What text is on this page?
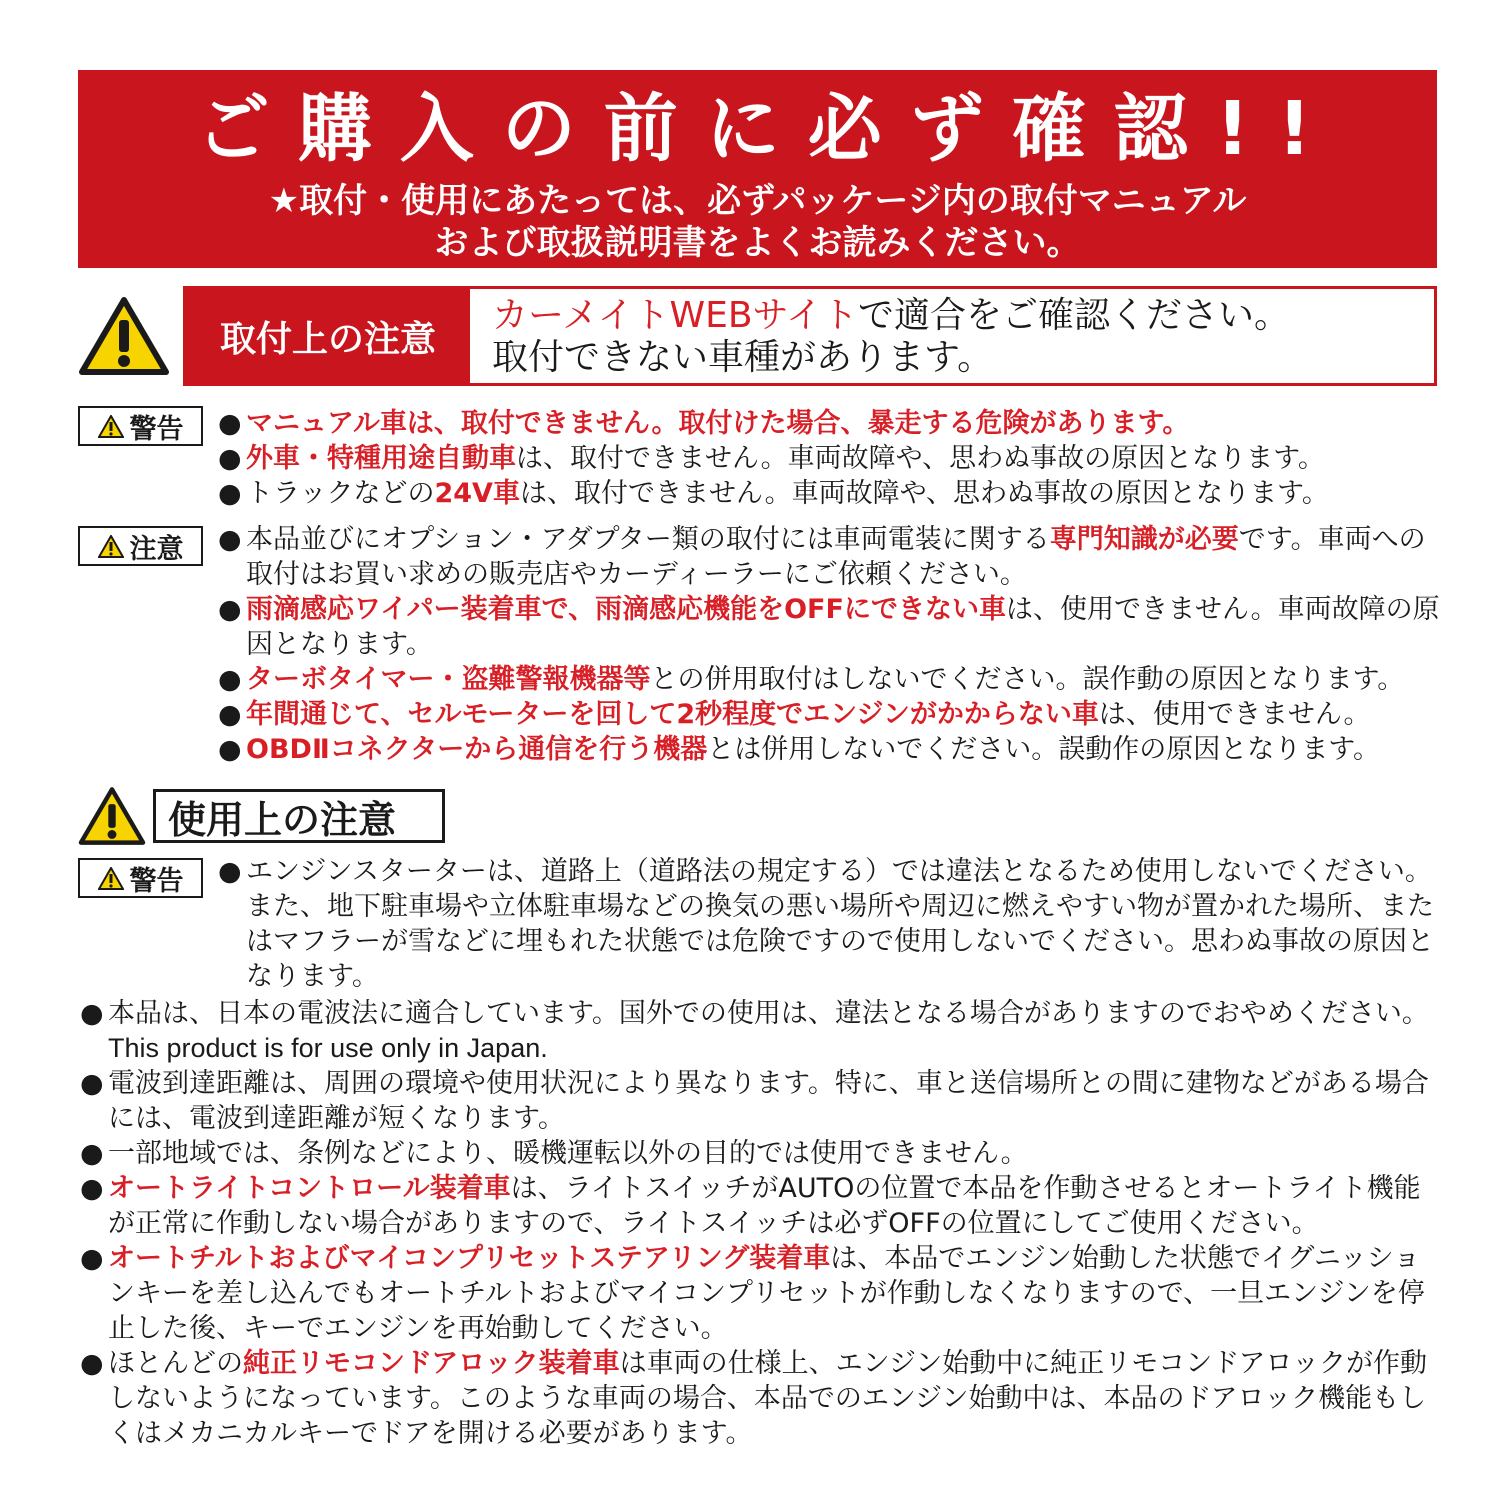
ご購入の前に必ず確認!!
★取付・使用にあたっては、必ずパッケージ内の取付マニュアル
および取扱説明書をよくお読みください。
取付上の注意
カーメイトWEBサイトで適合をご確認ください。
取付できない車種があります。
警告	● マニュアル車は、取付できません。取付けた場合、暴走する危険があります。
● 外車・特種用途自動車は、取付できません。車両故障や、思わぬ事故の原因となります。
● トラックなどの24V車は、取付できません。車両故障や、思わぬ事故の原因となります。
注意	● 本品並びにオプション・アダプター類の取付には車両電装に関する専門知識が必要です。車両への取付はお買い求めの販売店やカーディーラーにご依頼ください。
● 雨滴感応ワイパー装着車で、雨滴感応機能をOFFにできない車は、使用できません。車両故障の原因となります。
● ターボタイマー・盗難警報機器等との併用取付はしないでください。誤作動の原因となります。
● 年間通じて、セルモーターを回して2秒程度でエンジンがかからない車は、使用できません。
● OBDⅡコネクターから通信を行う機器とは併用しないでください。誤動作の原因となります。
使用上の注意
警告	● エンジンスターターは、道路上（道路法の規定する）では違法となるため使用しないでください。また、地下駐車場や立体駐車場などの換気の悪い場所や周辺に燃えやすい物が置かれた場所、またはマフラーが雪などに埋もれた状態では危険ですので使用しないでください。思わぬ事故の原因となります。
● 本品は、日本の電波法に適合しています。国外での使用は、違法となる場合がありますのでおやめください。
This product is for use only in Japan.
● 電波到達距離は、周囲の環境や使用状況により異なります。特に、車と送信場所との間に建物などがある場合には、電波到達距離が短くなります。
● 一部地域では、条例などにより、暖機運転以外の目的では使用できません。
● オートライトコントロール装着車は、ライトスイッチがAUTOの位置で本品を作動させるとオートライト機能が正常に作動しない場合がありますので、ライトスイッチは必ずOFFの位置にしてご使用ください。
● オートチルトおよびマイコンプリセットステアリング装着車は、本品でエンジン始動した状態でイグニッションキーを差し込んでもオートチルトおよびマイコンプリセットが作動しなくなりますので、一旦エンジンを停止した後、キーでエンジンを再始動してください。
● ほとんどの純正リモコンドアロック装着車は車両の仕様上、エンジン始動中に純正リモコンドアロックが作動しないようになっています。このような車両の場合、本品でのエンジン始動中は、本品のドアロック機能もしくはメカニカルキーでドアを開ける必要があります。
